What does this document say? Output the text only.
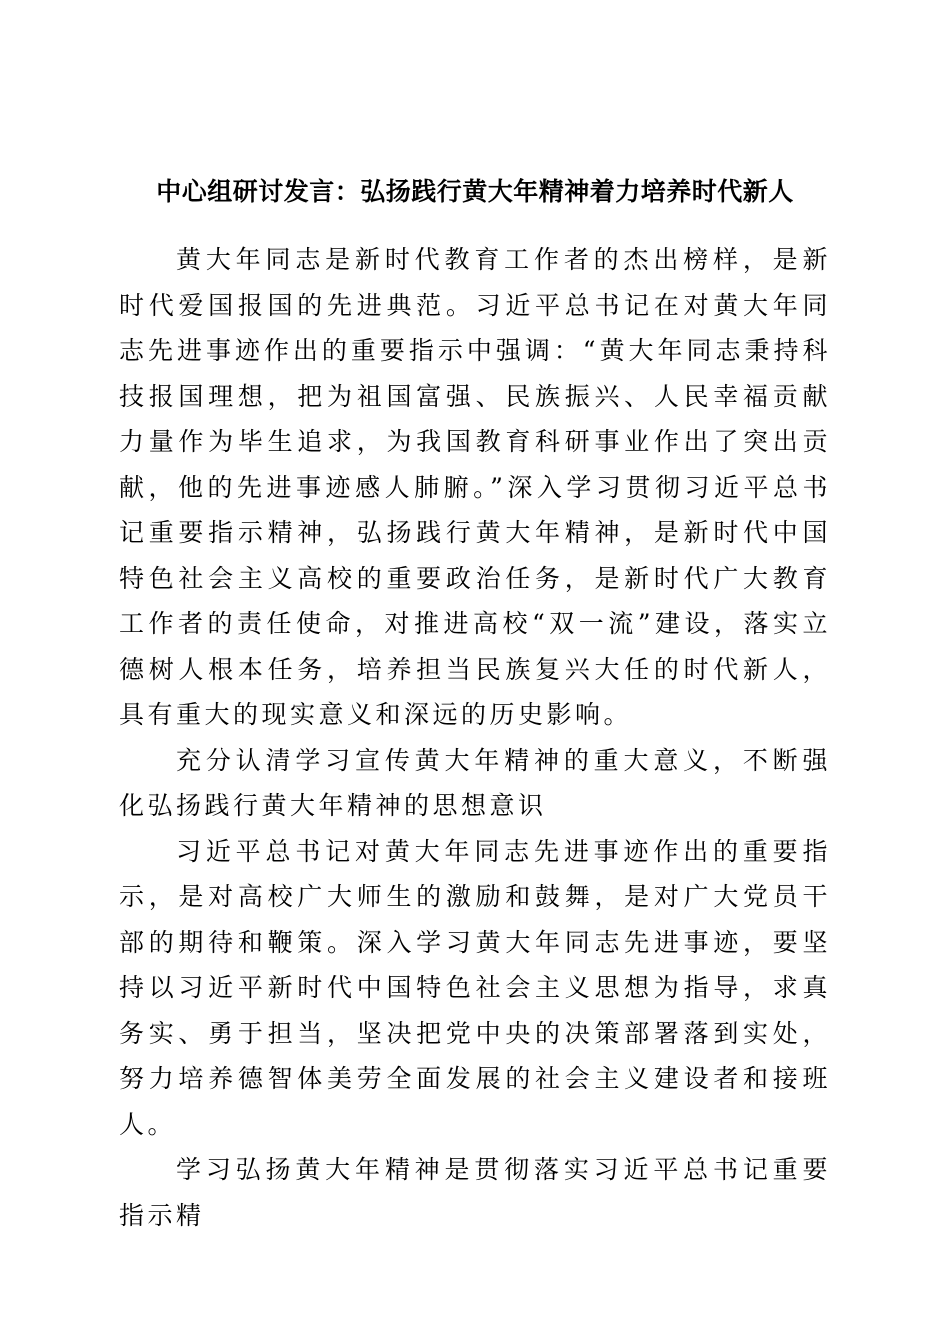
中心组研讨发言：弘扬践行黄大年精神着力培养时代新人

黄大年同志是新时代教育工作者的杰出榜样，是新时代爱国报国的先进典范。习近平总书记在对黄大年同志先进事迹作出的重要指示中强调：“黄大年同志秉持科技报国理想，把为祖国富强、民族振兴、人民幸福贡献力量作为毕生追求，为我国教育科研事业作出了突出贡献，他的先进事迹感人肺腑。”深入学习贯彻习近平总书记重要指示精神，弘扬践行黄大年精神，是新时代中国特色社会主义高校的重要政治任务，是新时代广大教育工作者的责任使命，对推进高校“双一流”建设，落实立德树人根本任务，培养担当民族复兴大任的时代新人，具有重大的现实意义和深远的历史影响。

充分认清学习宣传黄大年精神的重大意义，不断强化弘扬践行黄大年精神的思想意识

习近平总书记对黄大年同志先进事迹作出的重要指示，是对高校广大师生的激励和鼓舞，是对广大党员干部的期待和鞭策。深入学习黄大年同志先进事迹，要坚持以习近平新时代中国特色社会主义思想为指导，求真务实、勇于担当，坚决把党中央的决策部署落到实处，努力培养德智体美劳全面发展的社会主义建设者和接班人。

学习弘扬黄大年精神是贯彻落实习近平总书记重要指示精
